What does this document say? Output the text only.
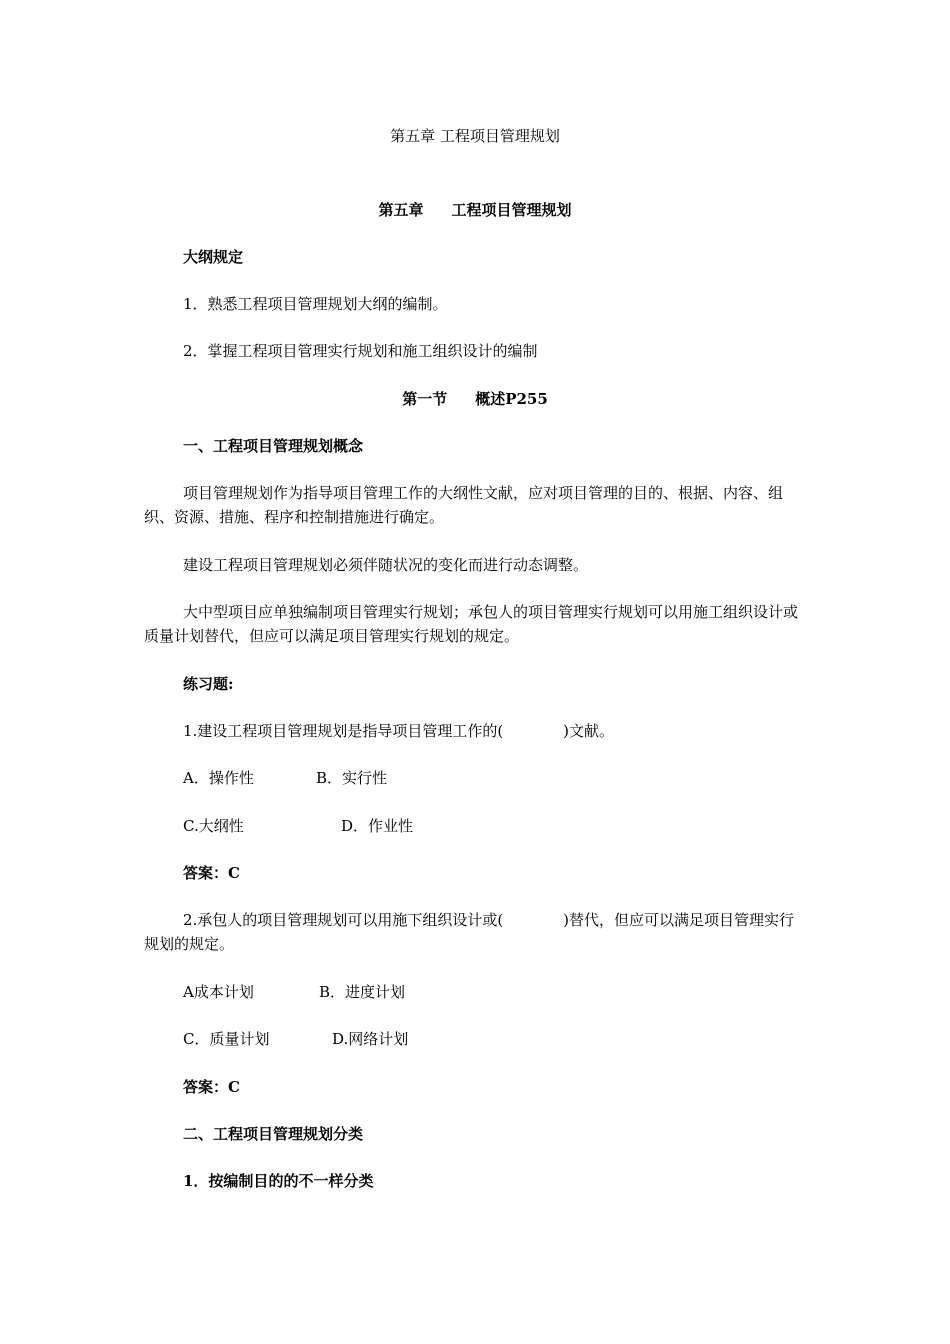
第五章 工程项目管理规划
第五章 工程项目管理规划
大纲规定
1．熟悉工程项目管理规划大纲的编制。
2．掌握工程项目管理实行规划和施工组织设计的编制
第一节 概述P255
一、工程项目管理规划概念
项目管理规划作为指导项目管理工作的大纲性文献，应对项目管理的目的、根据、内容、组织、资源、措施、程序和控制措施进行确定。
建设工程项目管理规划必须伴随状况的变化而进行动态调整。
大中型项目应单独编制项目管理实行规划；承包人的项目管理实行规划可以用施工组织设计或质量计划替代，但应可以满足项目管理实行规划的规定。
练习题:
1.建设工程项目管理规划是指导项目管理工作的(　　　　)文献。
A．操作性	B．实行性
C.大纲性	D．作业性
答案：C
2.承包人的项目管理规划可以用施下组织设计或(　　　　)替代，但应可以满足项目管理实行规划的规定。
A成本计划	B．进度计划
C．质量计划	D.网络计划
答案：C
二、工程项目管理规划分类
1．按编制目的的不一样分类
